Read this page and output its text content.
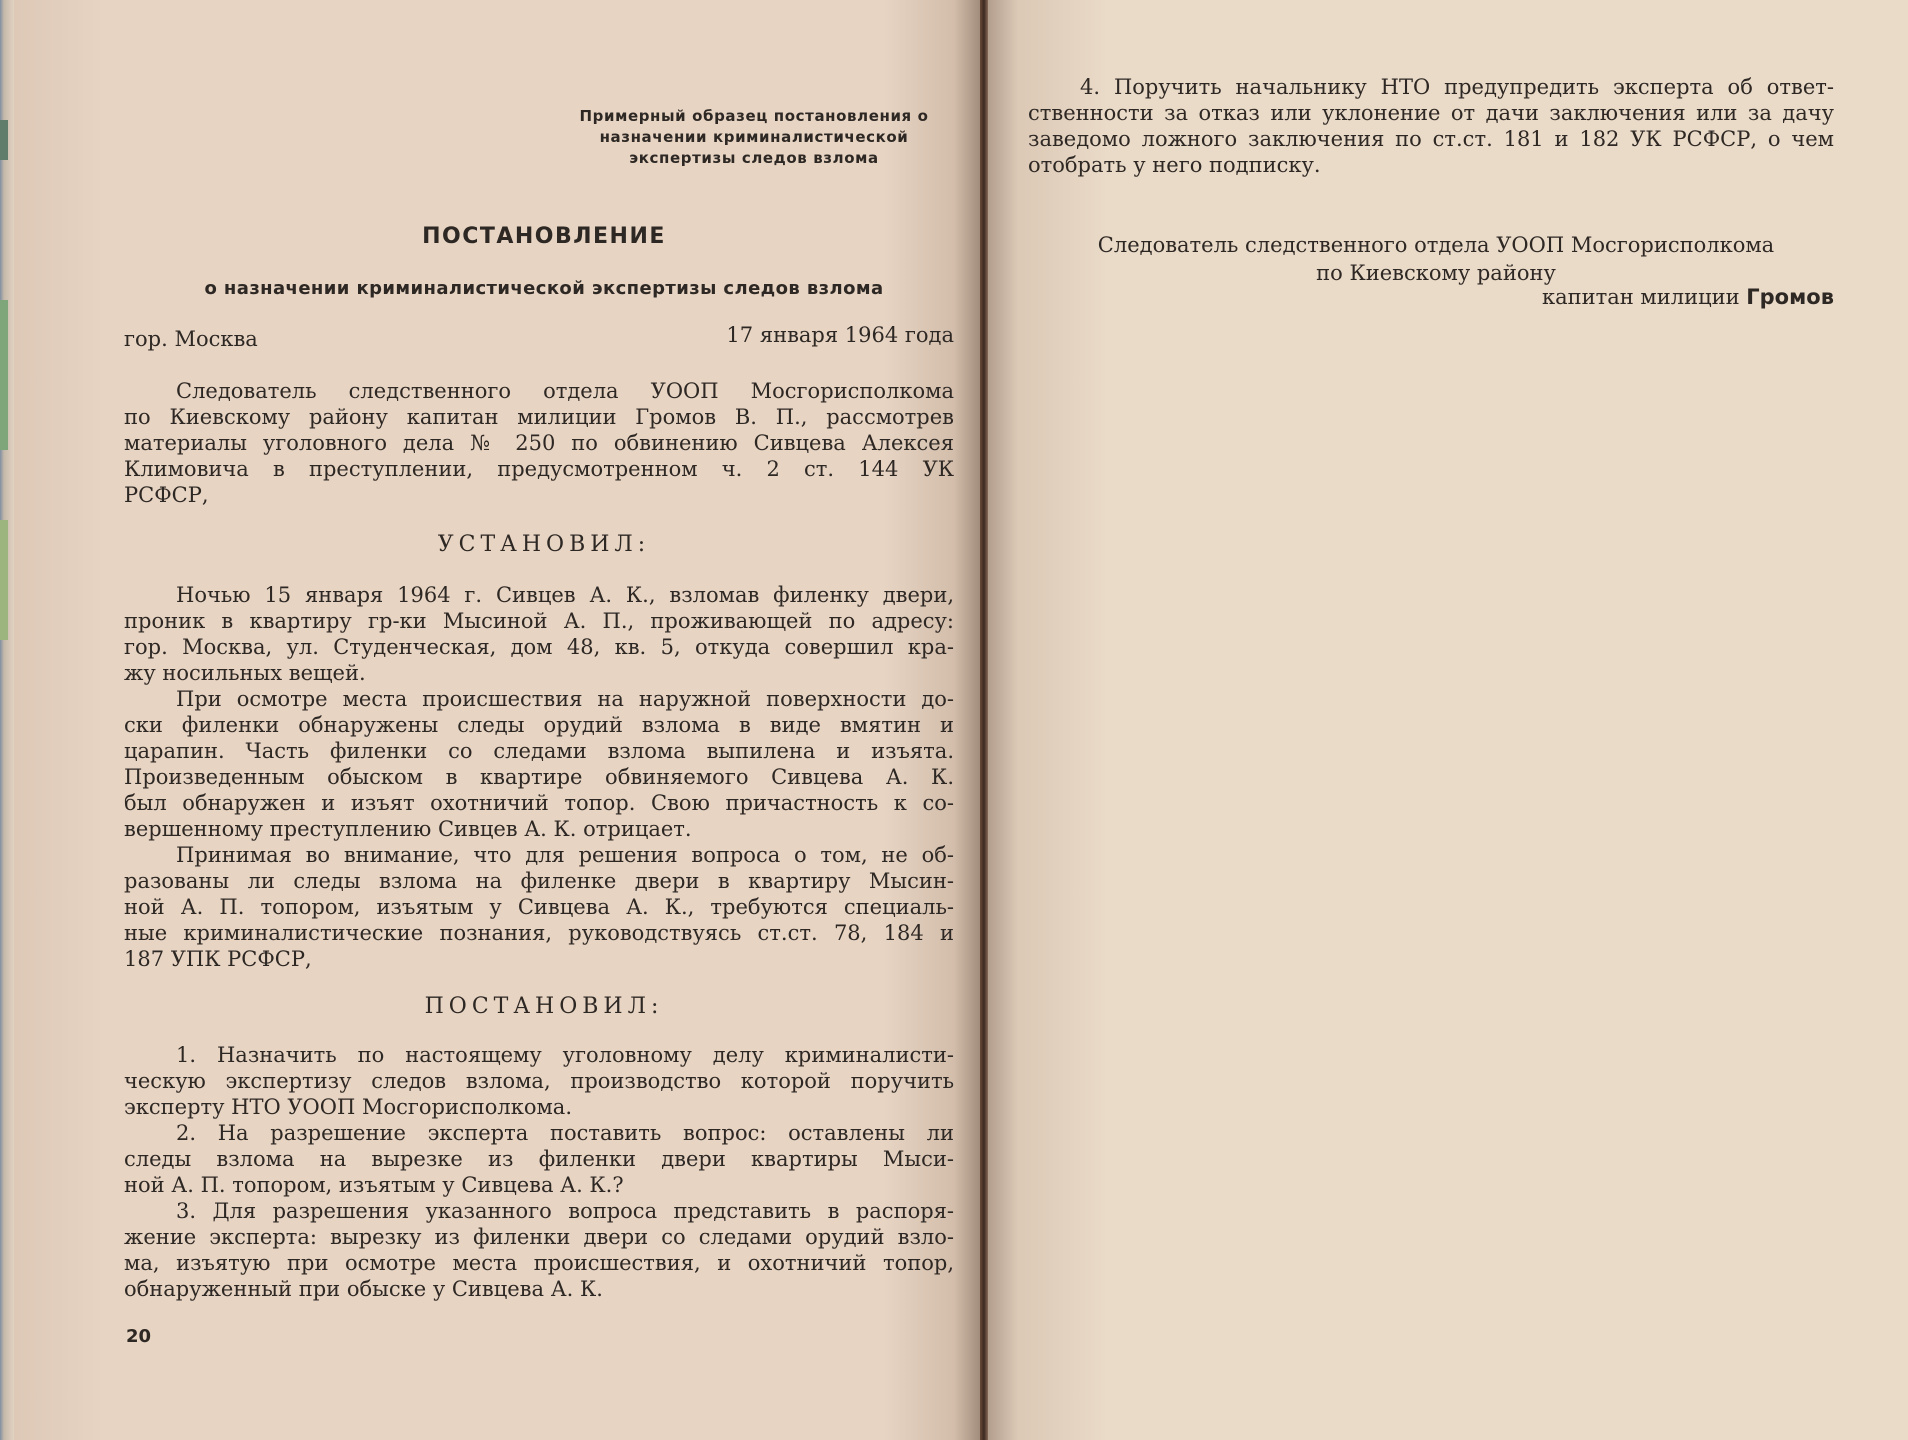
Примерный образец постановления о
назначении криминалистической
экспертизы следов взлома
ПОСТАНОВЛЕНИЕ
о назначении криминалистической экспертизы следов взлома
гор. Москва	17 января 1964 года
Следователь следственного отдела УООП Мосгорисполкома
по Киевскому району капитан милиции Громов В. П., рассмотрев
материалы уголовного дела № 250 по обвинению Сивцева Алексея
Климовича в преступлении, предусмотренном ч. 2 ст. 144 УК
РСФСР,
УСТАНОВИЛ:
Ночью 15 января 1964 г. Сивцев А. К., взломав филенку двери,
проник в квартиру гр-ки Мысиной А. П., проживающей по адресу:
гор. Москва, ул. Студенческая, дом 48, кв. 5, откуда совершил кра-
жу носильных вещей.
При осмотре места происшествия на наружной поверхности до-
ски филенки обнаружены следы орудий взлома в виде вмятин и
царапин. Часть филенки со следами взлома выпилена и изъята.
Произведенным обыском в квартире обвиняемого Сивцева А. К.
был обнаружен и изъят охотничий топор. Свою причастность к со-
вершенному преступлению Сивцев А. К. отрицает.
Принимая во внимание, что для решения вопроса о том, не об-
разованы ли следы взлома на филенке двери в квартиру Мысин-
ной А. П. топором, изъятым у Сивцева А. К., требуются специаль-
ные криминалистические познания, руководствуясь ст.ст. 78, 184 и
187 УПК РСФСР,
ПОСТАНОВИЛ:
1. Назначить по настоящему уголовному делу криминалисти-
ческую экспертизу следов взлома, производство которой поручить
эксперту НТО УООП Мосгорисполкома.
2. На разрешение эксперта поставить вопрос: оставлены ли
следы взлома на вырезке из филенки двери квартиры Мыси-
ной А. П. топором, изъятым у Сивцева А. К.?
3. Для разрешения указанного вопроса представить в распоря-
жение эксперта: вырезку из филенки двери со следами орудий взло-
ма, изъятую при осмотре места происшествия, и охотничий топор,
обнаруженный при обыске у Сивцева А. К.
20
4. Поручить начальнику НТО предупредить эксперта об ответ-
ственности за отказ или уклонение от дачи заключения или за дачу
заведомо ложного заключения по ст.ст. 181 и 182 УК РСФСР, о чем
отобрать у него подписку.
Следователь следственного отдела УООП Мосгорисполкома
по Киевскому району
капитан милиции Громов
